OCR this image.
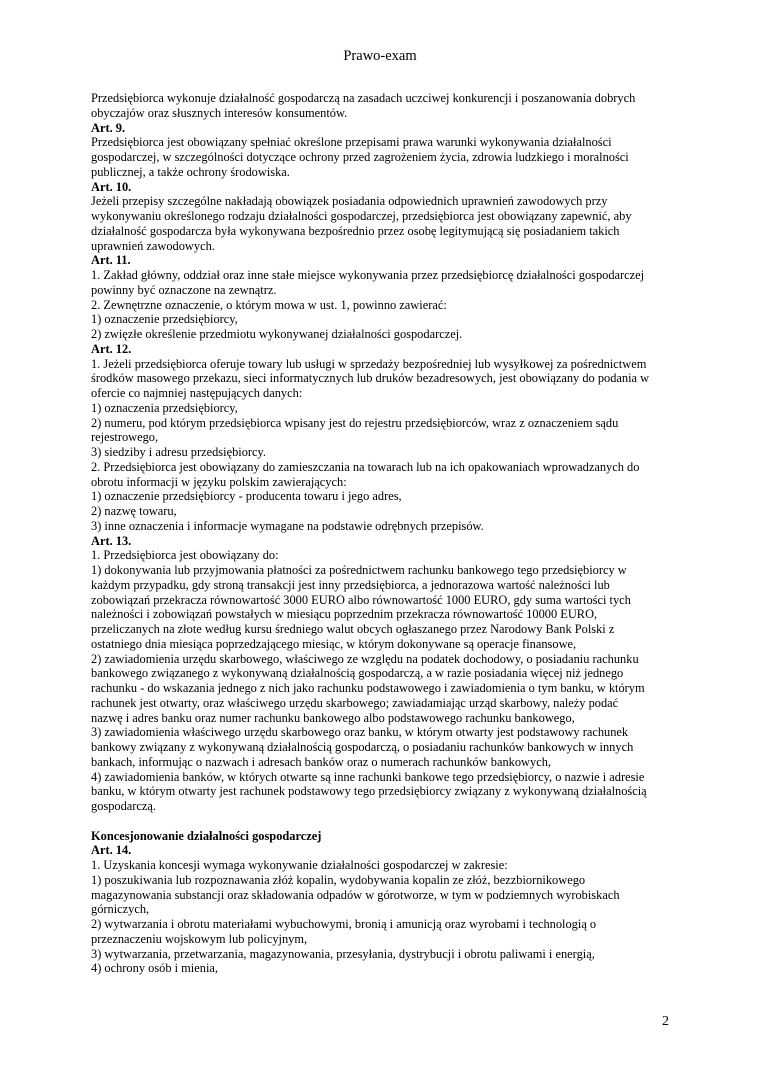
Prawo-exam
Przedsiębiorca wykonuje działalność gospodarczą na zasadach uczciwej konkurencji i poszanowania dobrych
obyczajów oraz słusznych interesów konsumentów.
Art. 9.
Przedsiębiorca jest obowiązany spełniać określone przepisami prawa warunki wykonywania działalności
gospodarczej, w szczególności dotyczące ochrony przed zagrożeniem życia, zdrowia ludzkiego i moralności
publicznej, a także ochrony środowiska.
Art. 10.
Jeżeli przepisy szczególne nakładają obowiązek posiadania odpowiednich uprawnień zawodowych przy
wykonywaniu określonego rodzaju działalności gospodarczej, przedsiębiorca jest obowiązany zapewnić, aby
działalność gospodarcza była wykonywana bezpośrednio przez osobę legitymującą się posiadaniem takich
uprawnień zawodowych.
Art. 11.
1. Zakład główny, oddział oraz inne stałe miejsce wykonywania przez przedsiębiorcę działalności gospodarczej
powinny być oznaczone na zewnątrz.
2. Zewnętrzne oznaczenie, o którym mowa w ust. 1, powinno zawierać:
1) oznaczenie przedsiębiorcy,
2) zwięzłe określenie przedmiotu wykonywanej działalności gospodarczej.
Art. 12.
1. Jeżeli przedsiębiorca oferuje towary lub usługi w sprzedaży bezpośredniej lub wysyłkowej za pośrednictwem
środków masowego przekazu, sieci informatycznych lub druków bezadresowych, jest obowiązany do podania w
ofercie co najmniej następujących danych:
1) oznaczenia przedsiębiorcy,
2) numeru, pod którym przedsiębiorca wpisany jest do rejestru przedsiębiorców, wraz z oznaczeniem sądu
rejestrowego,
3) siedziby i adresu przedsiębiorcy.
2. Przedsiębiorca jest obowiązany do zamieszczania na towarach lub na ich opakowaniach wprowadzanych do
obrotu informacji w języku polskim zawierających:
1) oznaczenie przedsiębiorcy - producenta towaru i jego adres,
2) nazwę towaru,
3) inne oznaczenia i informacje wymagane na podstawie odrębnych przepisów.
Art. 13.
1. Przedsiębiorca jest obowiązany do:
1) dokonywania lub przyjmowania płatności za pośrednictwem rachunku bankowego tego przedsiębiorcy w
każdym przypadku, gdy stroną transakcji jest inny przedsiębiorca, a jednorazowa wartość należności lub
zobowiązań przekracza równowartość 3000 EURO albo równowartość 1000 EURO, gdy suma wartości tych
należności i zobowiązań powstałych w miesiącu poprzednim przekracza równowartość 10000 EURO,
przeliczanych na złote według kursu średniego walut obcych ogłaszanego przez Narodowy Bank Polski z
ostatniego dnia miesiąca poprzedzającego miesiąc, w którym dokonywane są operacje finansowe,
2) zawiadomienia urzędu skarbowego, właściwego ze względu na podatek dochodowy, o posiadaniu rachunku
bankowego związanego z wykonywaną działalnością gospodarczą, a w razie posiadania więcej niż jednego
rachunku - do wskazania jednego z nich jako rachunku podstawowego i zawiadomienia o tym banku, w którym
rachunek jest otwarty, oraz właściwego urzędu skarbowego; zawiadamiając urząd skarbowy, należy podać
nazwę i adres banku oraz numer rachunku bankowego albo podstawowego rachunku bankowego,
3) zawiadomienia właściwego urzędu skarbowego oraz banku, w którym otwarty jest podstawowy rachunek
bankowy związany z wykonywaną działalnością gospodarczą, o posiadaniu rachunków bankowych w innych
bankach, informując o nazwach i adresach banków oraz o numerach rachunków bankowych,
4) zawiadomienia banków, w których otwarte są inne rachunki bankowe tego przedsiębiorcy, o nazwie i adresie
banku, w którym otwarty jest rachunek podstawowy tego przedsiębiorcy związany z wykonywaną działalnością
gospodarczą.
Koncesjonowanie działalności gospodarczej
Art. 14.
1. Uzyskania koncesji wymaga wykonywanie działalności gospodarczej w zakresie:
1) poszukiwania lub rozpoznawania złóż kopalin, wydobywania kopalin ze złóż, bezzbiornikowego
magazynowania substancji oraz składowania odpadów w górotworze, w tym w podziemnych wyrobiskach
górniczych,
2) wytwarzania i obrotu materiałami wybuchowymi, bronią i amunicją oraz wyrobami i technologią o
przeznaczeniu wojskowym lub policyjnym,
3) wytwarzania, przetwarzania, magazynowania, przesyłania, dystrybucji i obrotu paliwami i energią,
4) ochrony osób i mienia,
2
